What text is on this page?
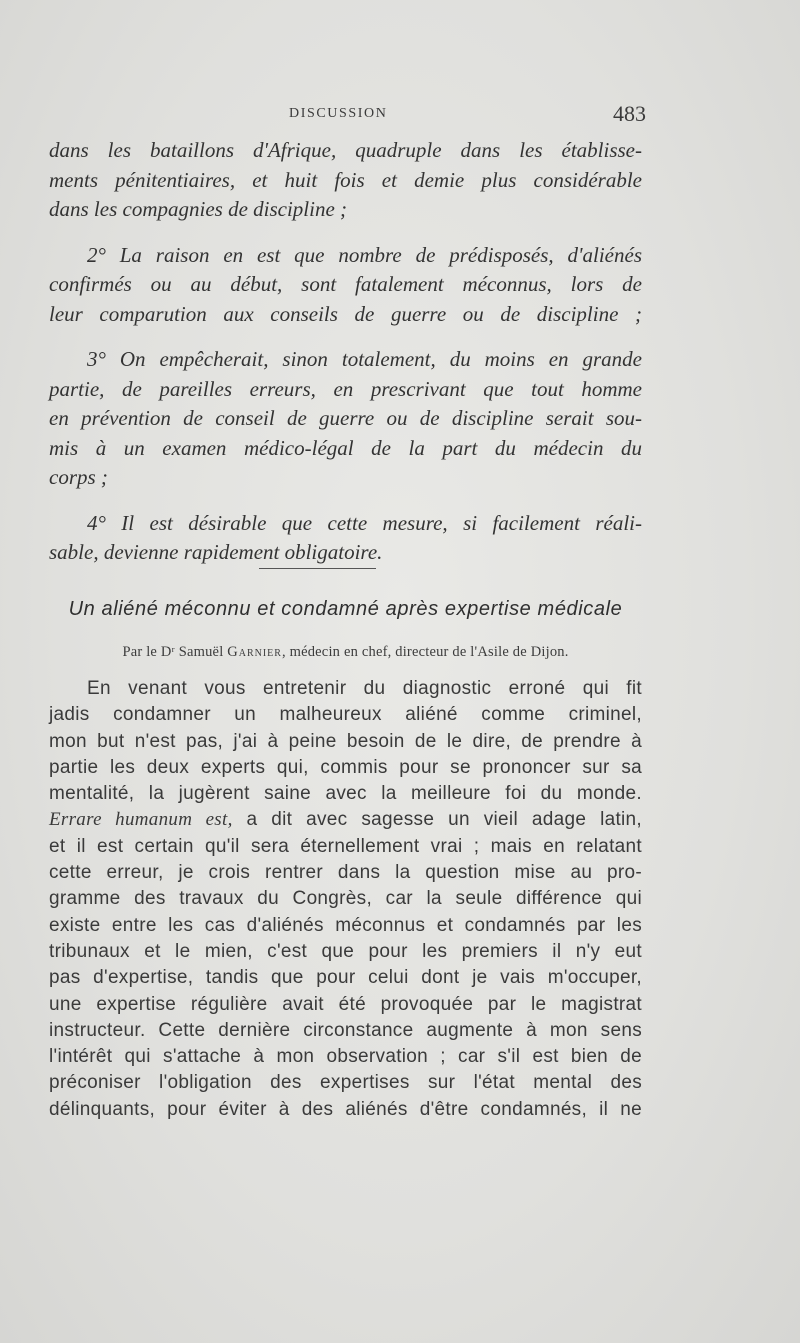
DISCUSSION	483

dans les bataillons d'Afrique, quadruple dans les établisse-
ments pénitentiaires, et huit fois et demie plus considérable
dans les compagnies de discipline ;

2° La raison en est que nombre de prédisposés, d'aliénés
confirmés ou au début, sont fatalement méconnus, lors de
leur comparution aux conseils de guerre ou de discipline ;

3° On empêcherait, sinon totalement, du moins en grande
partie, de pareilles erreurs, en prescrivant que tout homme
en prévention de conseil de guerre ou de discipline serait sou-
mis à un examen médico-légal de la part du médecin du
corps ;

4° Il est désirable que cette mesure, si facilement réali-
sable, devienne rapidement obligatoire.

Un aliéné méconnu et condamné après expertise médicale
Par le Dʳ Samuël Garnier, médecin en chef, directeur de l'Asile de Dijon.
En venant vous entretenir du diagnostic erroné qui fit
jadis condamner un malheureux aliéné comme criminel,
mon but n'est pas, j'ai à peine besoin de le dire, de prendre à
partie les deux experts qui, commis pour se prononcer sur sa
mentalité, la jugèrent saine avec la meilleure foi du monde.
Errare humanum est, a dit avec sagesse un vieil adage latin,
et il est certain qu'il sera éternellement vrai ; mais en relatant
cette erreur, je crois rentrer dans la question mise au pro-
gramme des travaux du Congrès, car la seule différence qui
existe entre les cas d'aliénés méconnus et condamnés par les
tribunaux et le mien, c'est que pour les premiers il n'y eut
pas d'expertise, tandis que pour celui dont je vais m'occuper,
une expertise régulière avait été provoquée par le magistrat
instructeur. Cette dernière circonstance augmente à mon sens
l'intérêt qui s'attache à mon observation ; car s'il est bien de
préconiser l'obligation des expertises sur l'état mental des
délinquants, pour éviter à des aliénés d'être condamnés, il ne
